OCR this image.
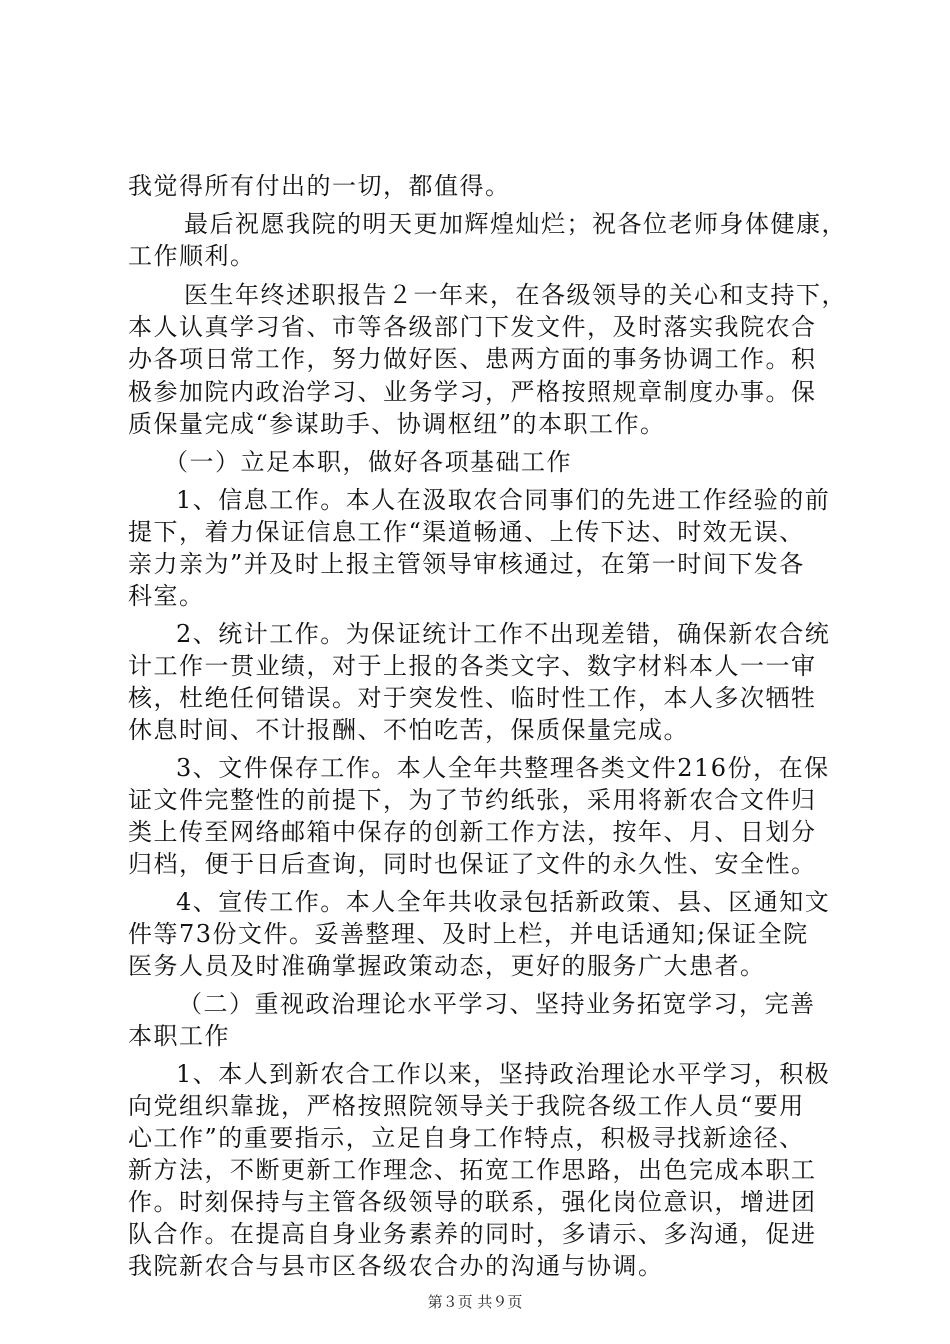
我觉得所有付出的一切，都值得。
最后祝愿我院的明天更加辉煌灿烂；祝各位老师身体健康，
工作顺利。
医生年终述职报告２一年来，在各级领导的关心和支持下，
本人认真学习省、市等各级部门下发文件，及时落实我院农合
办各项日常工作，努力做好医、患两方面的事务协调工作。积
极参加院内政治学习、业务学习，严格按照规章制度办事。保
质保量完成“参谋助手、协调枢纽”的本职工作。
（一）立足本职，做好各项基础工作
1、信息工作。本人在汲取农合同事们的先进工作经验的前
提下，着力保证信息工作“渠道畅通、上传下达、时效无误、
亲力亲为”并及时上报主管领导审核通过，在第一时间下发各
科室。
2、统计工作。为保证统计工作不出现差错，确保新农合统
计工作一贯业绩，对于上报的各类文字、数字材料本人一一审
核，杜绝任何错误。对于突发性、临时性工作，本人多次牺牲
休息时间、不计报酬、不怕吃苦，保质保量完成。
3、文件保存工作。本人全年共整理各类文件216份，在保
证文件完整性的前提下，为了节约纸张，采用将新农合文件归
类上传至网络邮箱中保存的创新工作方法，按年、月、日划分
归档，便于日后查询，同时也保证了文件的永久性、安全性。
4、宣传工作。本人全年共收录包括新政策、县、区通知文
件等73份文件。妥善整理、及时上栏，并电话通知;保证全院
医务人员及时准确掌握政策动态，更好的服务广大患者。
（二）重视政治理论水平学习、坚持业务拓宽学习，完善
本职工作
1、本人到新农合工作以来，坚持政治理论水平学习，积极
向党组织靠拢，严格按照院领导关于我院各级工作人员“要用
心工作”的重要指示，立足自身工作特点，积极寻找新途径、
新方法，不断更新工作理念、拓宽工作思路，出色完成本职工
作。时刻保持与主管各级领导的联系，强化岗位意识，增进团
队合作。在提高自身业务素养的同时，多请示、多沟通，促进
我院新农合与县市区各级农合办的沟通与协调。
第３页 共９页
